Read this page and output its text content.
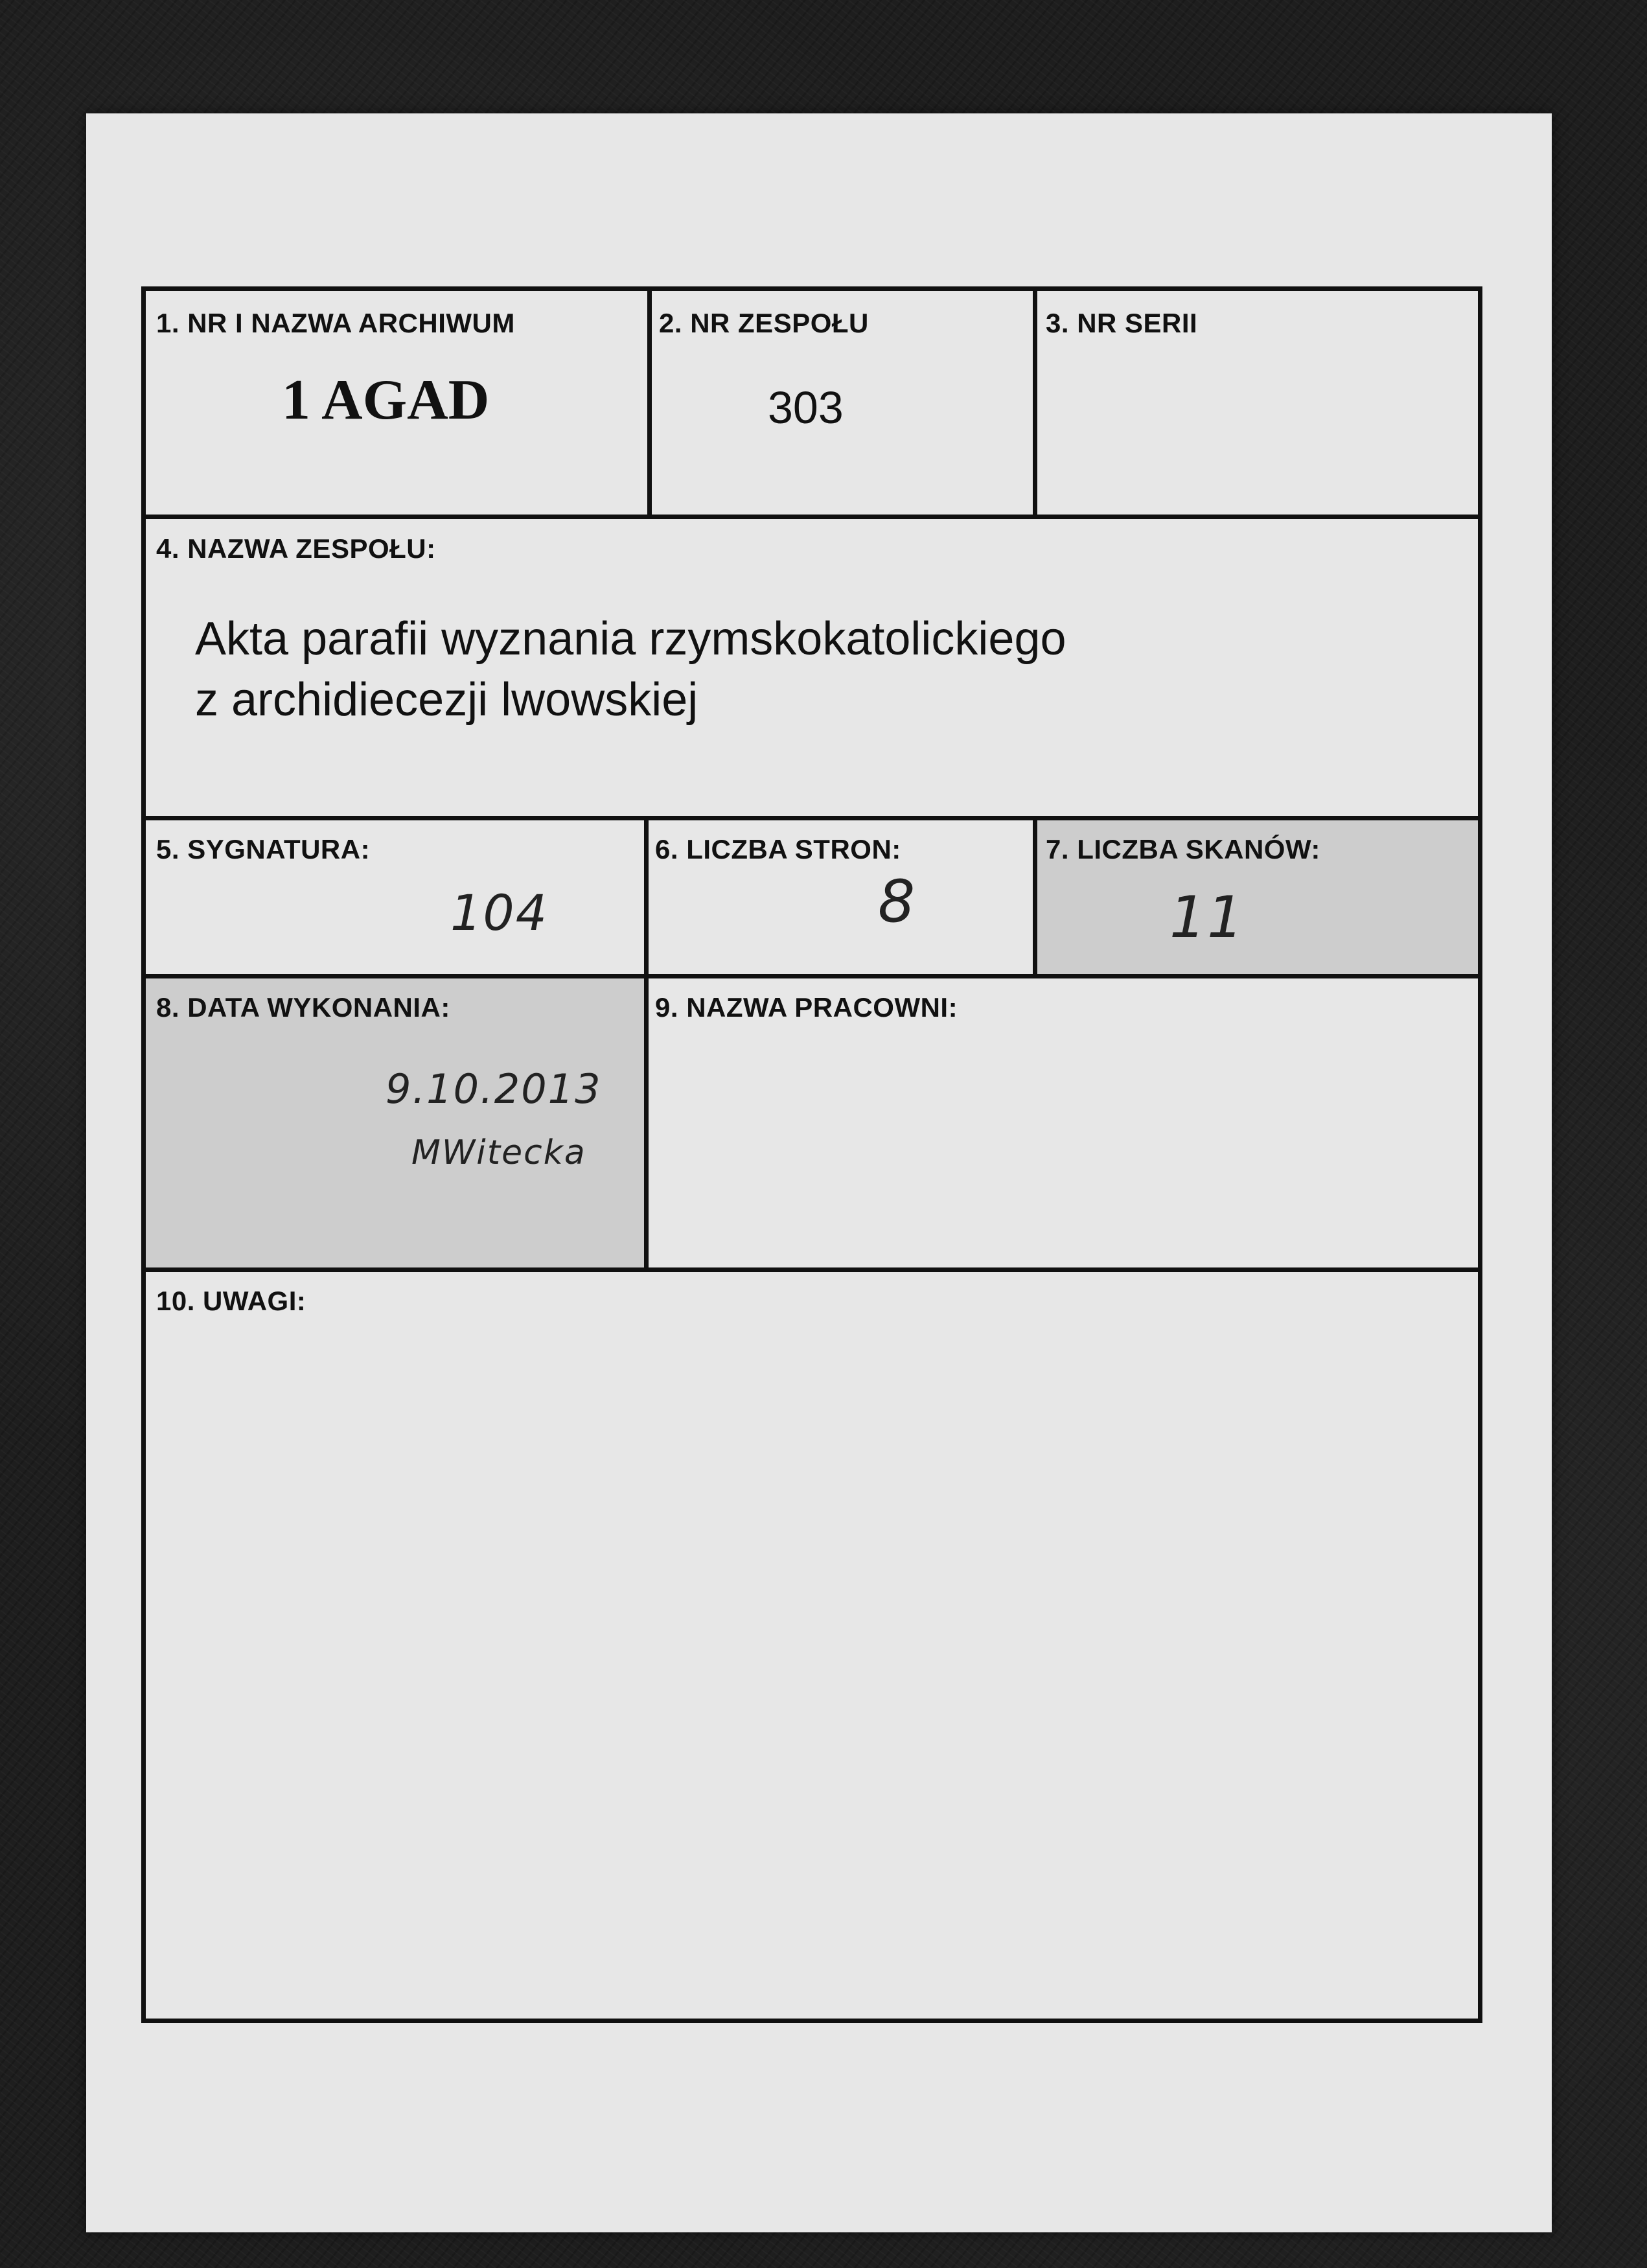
1. NR I NAZWA ARCHIWUM
1 AGAD
2. NR ZESPOŁU
303
3. NR SERII
4. NAZWA ZESPOŁU:
Akta parafii wyznania rzymskokatolickiego
z archidiecezji lwowskiej
5. SYGNATURA:
104
6. LICZBA STRON:
8
7. LICZBA SKANÓW:
11
8. DATA WYKONANIA:
9.10.2013
MWitecka
9. NAZWA PRACOWNI:
10. UWAGI:
